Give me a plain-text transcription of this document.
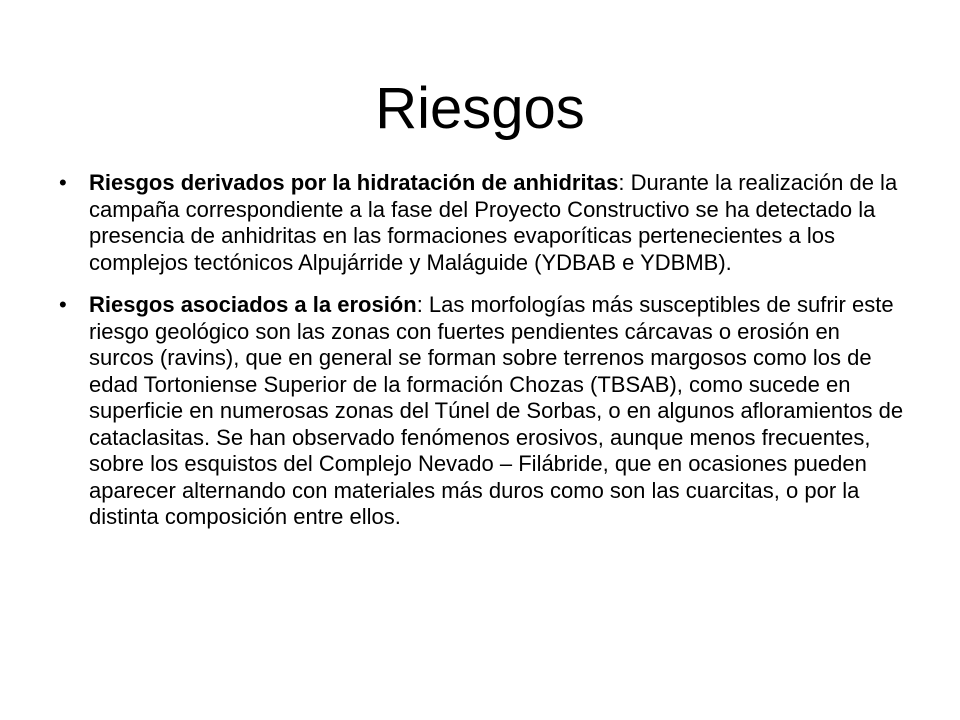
Riesgos
•	Riesgos derivados por la hidratación de anhidritas: Durante la realización de la campaña correspondiente a la fase del Proyecto Constructivo se ha detectado la presencia de anhidritas en las formaciones evaporíticas pertenecientes a los complejos tectónicos Alpujárride y Maláguide (YDBAB e YDBMB).
•	Riesgos asociados a la erosión: Las morfologías más susceptibles de sufrir este riesgo geológico son las zonas con fuertes pendientes cárcavas o erosión en surcos (ravins), que en general se forman sobre terrenos margosos como los de edad Tortoniense Superior de la formación Chozas (TBSAB), como sucede en superficie en numerosas zonas del Túnel de Sorbas, o en algunos afloramientos de cataclasitas. Se han observado fenómenos erosivos, aunque menos frecuentes, sobre los esquistos del Complejo Nevado – Filábride, que en ocasiones pueden aparecer alternando con materiales más duros como son las cuarcitas, o por la distinta composición entre ellos.
